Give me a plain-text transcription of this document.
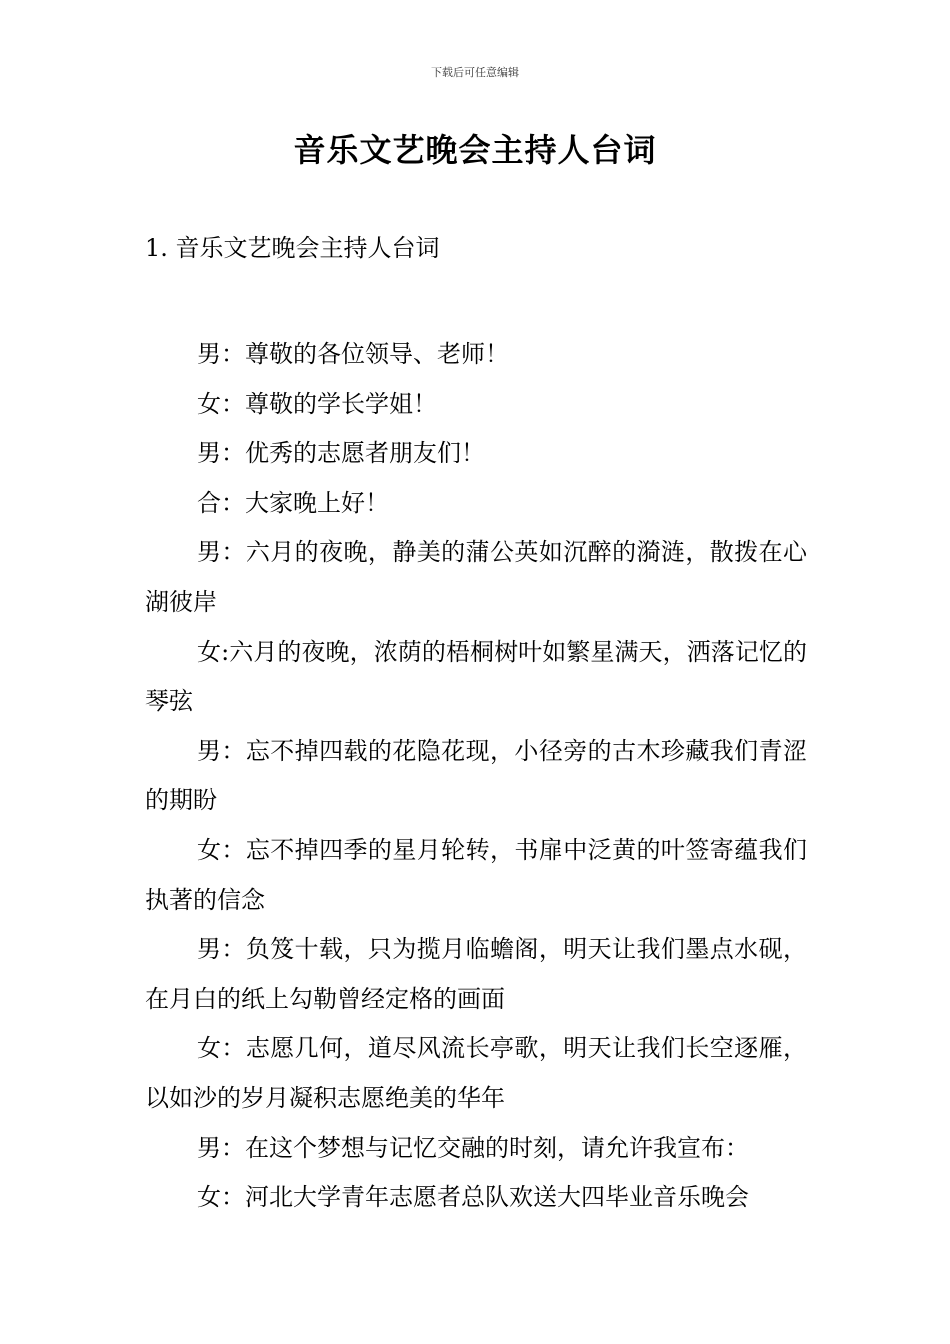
下载后可任意编辑
音乐文艺晚会主持人台词
1. 音乐文艺晚会主持人台词

男：尊敬的各位领导、老师！

女：尊敬的学长学姐！

男：优秀的志愿者朋友们！

合：大家晚上好！

男：六月的夜晚，静美的蒲公英如沉醉的漪涟，散拨在心湖彼岸

女:六月的夜晚，浓荫的梧桐树叶如繁星满天，洒落记忆的琴弦

男：忘不掉四载的花隐花现，小径旁的古木珍藏我们青涩的期盼

女：忘不掉四季的星月轮转，书扉中泛黄的叶签寄蕴我们执著的信念

男：负笈十载，只为揽月临蟾阁，明天让我们墨点水砚，在月白的纸上勾勒曾经定格的画面

女：志愿几何，道尽风流长亭歌，明天让我们长空逐雁，以如沙的岁月凝积志愿绝美的华年

男：在这个梦想与记忆交融的时刻，请允许我宣布：

女：河北大学青年志愿者总队欢送大四毕业音乐晚会
